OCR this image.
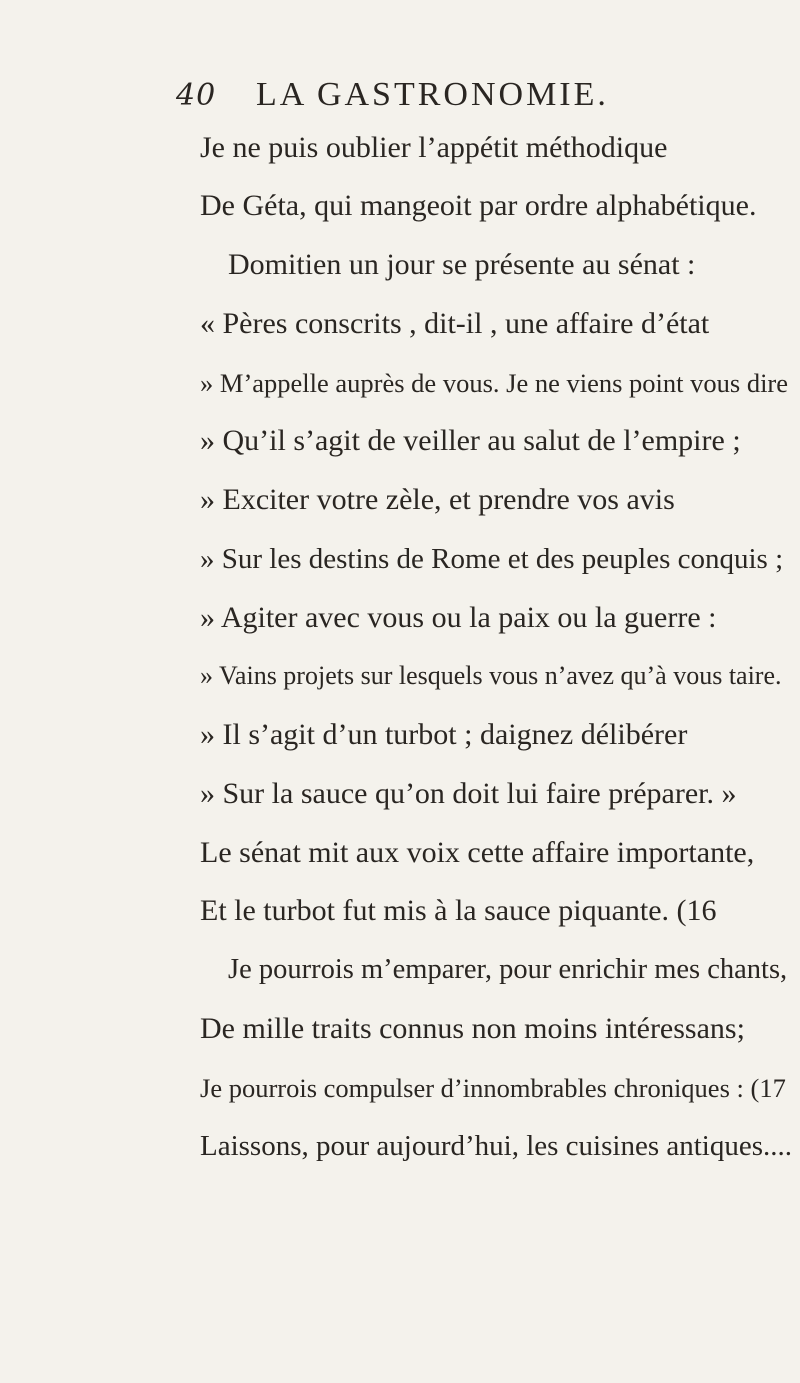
40 LA GASTRONOMIE.
Je ne puis oublier l’appétit méthodique
De Géta, qui mangeoit par ordre alphabétique.
Domitien un jour se présente au sénat :
« Pères conscrits , dit-il , une affaire d’état
» M’appelle auprès de vous. Je ne viens point vous dire
» Qu’il s’agit de veiller au salut de l’empire ;
» Exciter votre zèle, et prendre vos avis
» Sur les destins de Rome et des peuples conquis ;
» Agiter avec vous ou la paix ou la guerre :
» Vains projets sur lesquels vous n’avez qu’à vous taire.
» Il s’agit d’un turbot ; daignez délibérer
» Sur la sauce qu’on doit lui faire préparer. »
Le sénat mit aux voix cette affaire importante,
Et le turbot fut mis à la sauce piquante. (16
Je pourrois m’emparer, pour enrichir mes chants,
De mille traits connus non moins intéressans;
Je pourrois compulser d’innombrables chroniques : (17
Laissons, pour aujourd’hui, les cuisines antiques....
